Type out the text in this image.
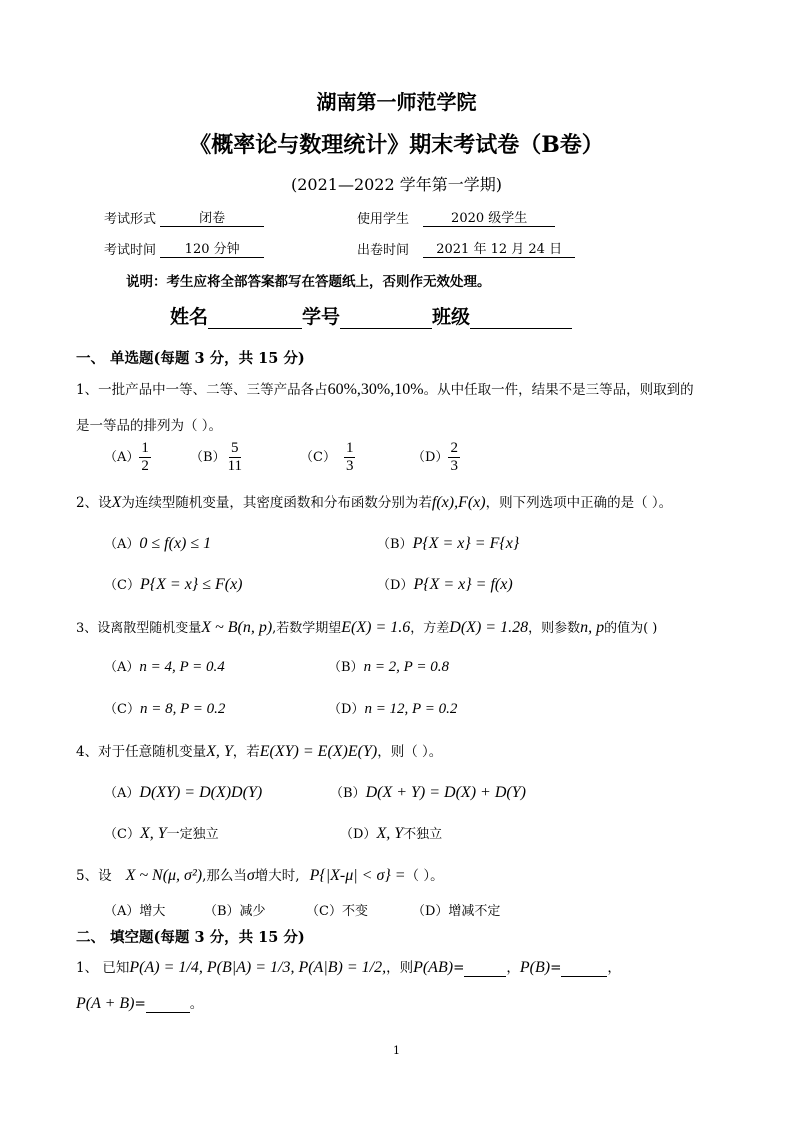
湖南第一师范学院
《概率论与数理统计》期末考试卷（B卷）
(2021—2022 学年第一学期)
考试形式	闭卷	使用学生	2020 级学生
考试时间 120 分钟	出卷时间 2021 年 12 月 24 日
说明：考生应将全部答案都写在答题纸上，否则作无效处理。
姓名	学号	班级
一、 单选题(每题 3 分，共 15 分)
1、一批产品中一等、二等、三等产品各占60%,30%,10%。从中任取一件，结果不是三等品，则取到的
是一等品的排列为（ ）。
$(A) \frac{1}{2}$	$(B) \frac{5}{11}$	$(C) \frac{1}{3}$	$(D) \frac{2}{3}$
2、设X为连续型随机变量，其密度函数和分布函数分别为若f(x),F(x)，则下列选项中正确的是（ ）。
（A）0 ≤ f(x) ≤ 1	（B）P{X = x} = F{x}
（C）P{X = x} ≤ F(x)	（D）P{X = x} = f(x)
3、设离散型随机变量X ~ B(n, p),若数学期望E(X) = 1.6，方差D(X) = 1.28，则参数n, p的值为( )
（A）n = 4, P = 0.4	（B）n = 2, P = 0.8
（C）n = 8, P = 0.2	（D）n = 12, P = 0.2
4、对于任意随机变量X, Y，若E(XY) = E(X)E(Y)，则（ ）。
（A）D(XY) = D(X)D(Y)	（B）D(X + Y) = D(X) + D(Y)
（C）X, Y一定独立	（D）X, Y不独立
5、设 X ~ N(μ, σ²),那么当σ增大时, P{|X-μ| < σ} =（ ）。
（A）增大	（B）减少	（C）不变	（D）增减不定
二、 填空题(每题 3 分，共 15 分)
1、 已知P(A) = 1/4, P(B|A) = 1/3, P(A|B) = 1/2,，则P(AB)=	，P(B)=	，
P(A + B)=	。
1
